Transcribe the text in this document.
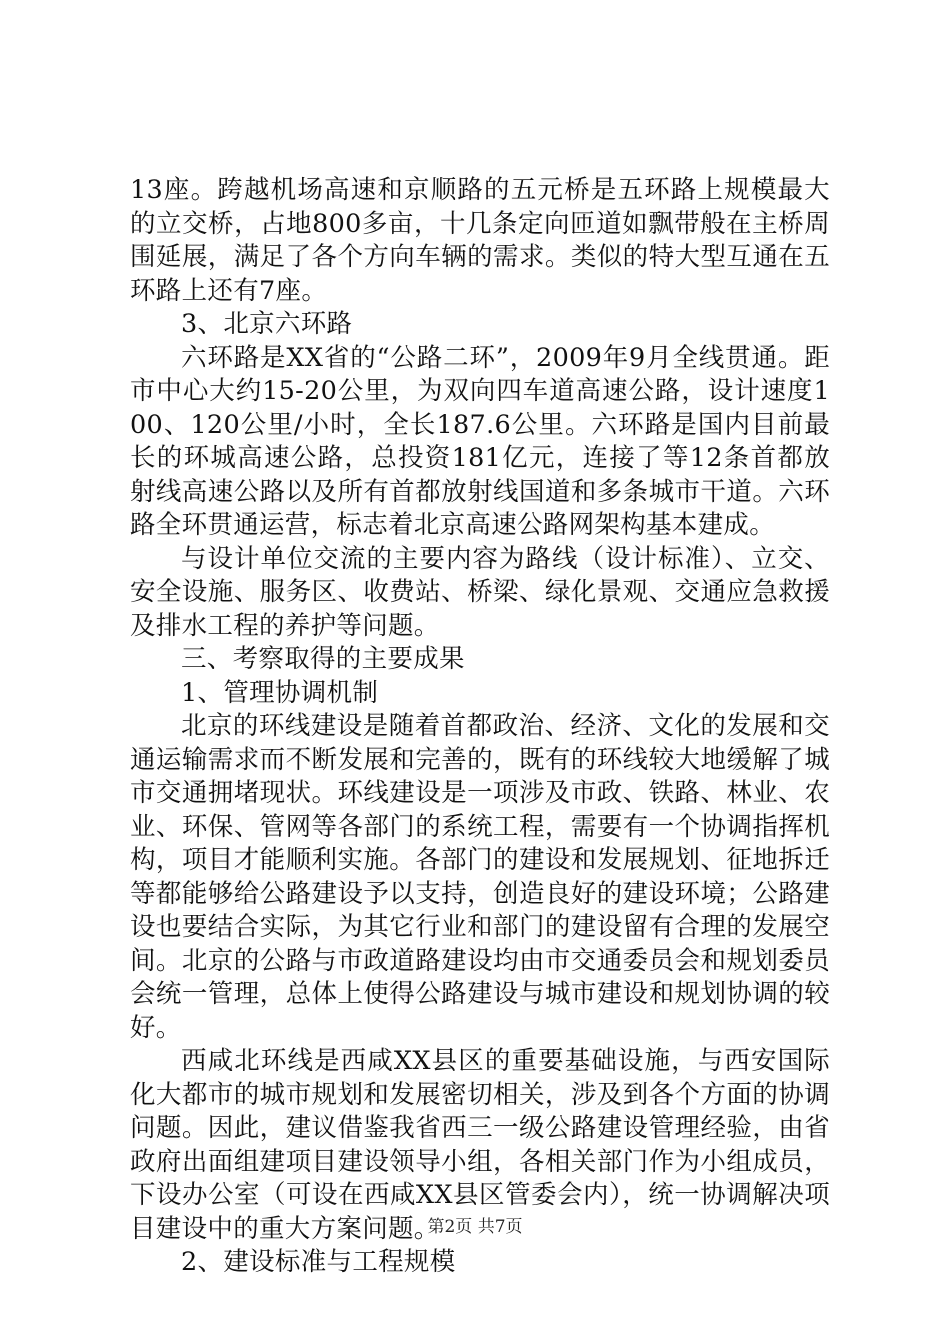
13座。跨越机场高速和京顺路的五元桥是五环路上规模最大的立交桥，占地800多亩，十几条定向匝道如飘带般在主桥周围延展，满足了各个方向车辆的需求。类似的特大型互通在五环路上还有7座。

3、北京六环路

六环路是XX省的“公路二环”，2009年9月全线贯通。距市中心大约15-20公里，为双向四车道高速公路，设计速度100、120公里/小时，全长187.6公里。六环路是国内目前最长的环城高速公路，总投资181亿元，连接了等12条首都放射线高速公路以及所有首都放射线国道和多条城市干道。六环路全环贯通运营，标志着北京高速公路网架构基本建成。

与设计单位交流的主要内容为路线（设计标准）、立交、安全设施、服务区、收费站、桥梁、绿化景观、交通应急救援及排水工程的养护等问题。

三、考察取得的主要成果

1、管理协调机制

北京的环线建设是随着首都政治、经济、文化的发展和交通运输需求而不断发展和完善的，既有的环线较大地缓解了城市交通拥堵现状。环线建设是一项涉及市政、铁路、林业、农业、环保、管网等各部门的系统工程，需要有一个协调指挥机构，项目才能顺利实施。各部门的建设和发展规划、征地拆迁等都能够给公路建设予以支持，创造良好的建设环境；公路建设也要结合实际，为其它行业和部门的建设留有合理的发展空间。北京的公路与市政道路建设均由市交通委员会和规划委员会统一管理，总体上使得公路建设与城市建设和规划协调的较好。

西咸北环线是西咸XX县区的重要基础设施，与西安国际化大都市的城市规划和发展密切相关，涉及到各个方面的协调问题。因此，建议借鉴我省西三一级公路建设管理经验，由省政府出面组建项目建设领导小组，各相关部门作为小组成员，下设办公室（可设在西咸XX县区管委会内），统一协调解决项目建设中的重大方案问题。

2、建设标准与工程规模

第2页 共7页
